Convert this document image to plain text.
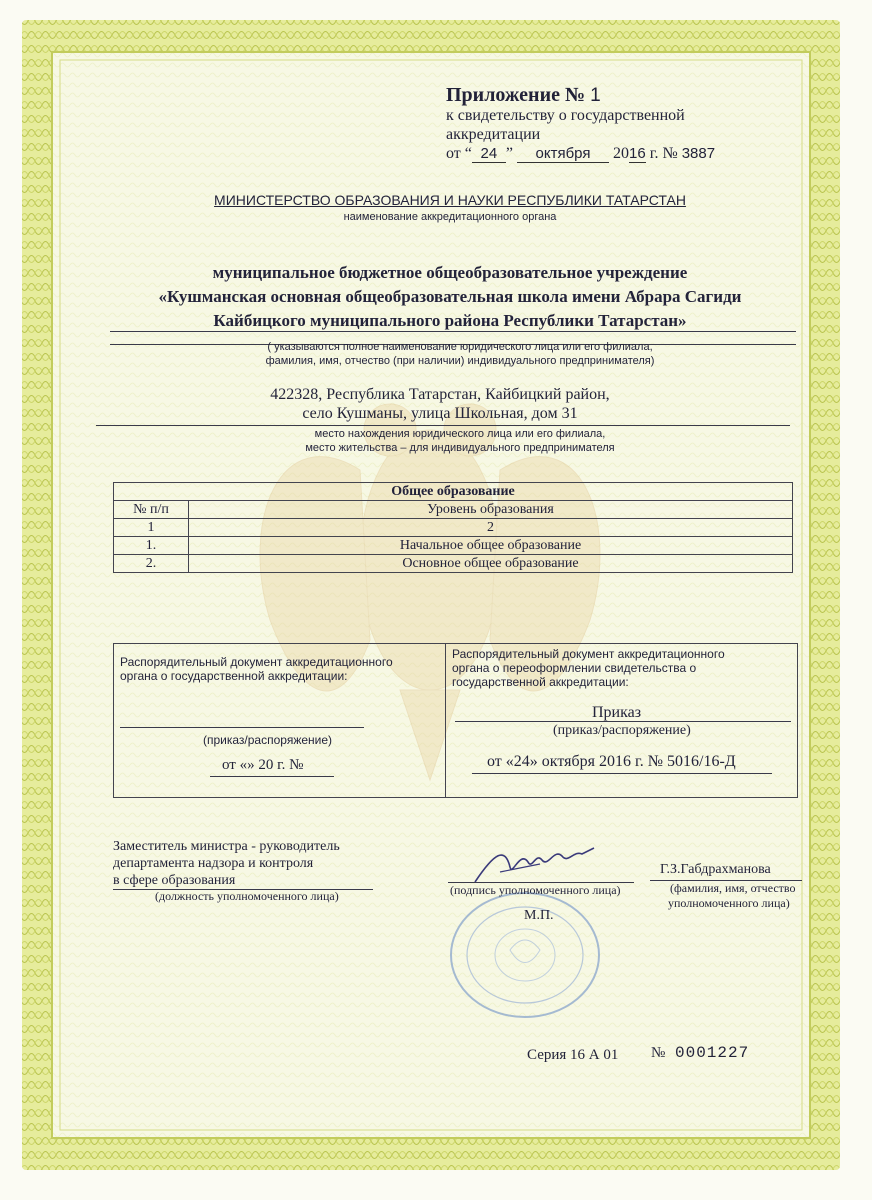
Приложение № 1
к свидетельству о государственной
аккредитации
от “ 24 ” октября 2016 г. № 3887
МИНИСТЕРСТВО ОБРАЗОВАНИЯ И НАУКИ РЕСПУБЛИКИ ТАТАРСТАН
наименование аккредитационного органа
муниципальное бюджетное общеобразовательное учреждение
«Кушманская основная общеобразовательная школа имени Абрара Сагиди
Кайбицкого муниципального района Республики Татарстан»
( указываются полное наименование юридического лица или его филиала,
фамилия, имя, отчество (при наличии) индивидуального предпринимателя)
422328, Республика Татарстан, Кайбицкий район,
село Кушманы, улица Школьная, дом 31
место нахождения юридического лица или его филиала,
место жительства – для индивидуального предпринимателя
Общее образование	
№ п/п	Уровень образования
1	2
1.	Начальное общее образование
2.	Основное общее образование
Распорядительный документ аккредитационного
органа о государственной аккредитации:
(приказ/распоряжение)
от «» 20 г. №
Распорядительный документ аккредитационного
органа о переоформлении свидетельства о
государственной аккредитации:
Приказ
(приказ/распоряжение)
от «24» октября 2016 г. № 5016/16-Д
Заместитель министра - руководитель
департамента надзора и контроля
в сфере образования
(должность уполномоченного лица)	(подпись уполномоченного лица)
М.П.
Г.З.Габдрахманова
(фамилия, имя, отчество
уполномоченного лица)
Серия 16 А 01 № 0001227
